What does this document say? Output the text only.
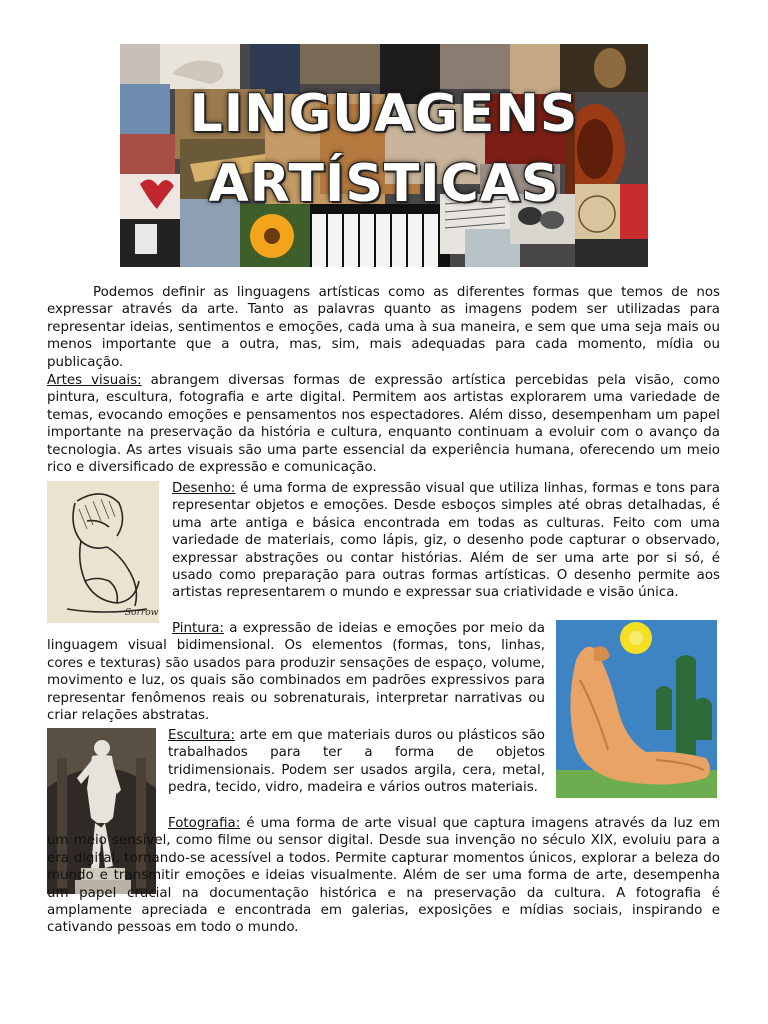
LINGUAGENS
ARTÍSTICAS

Podemos definir as linguagens artísticas como as diferentes formas que temos de nos expressar através da arte. Tanto as palavras quanto as imagens podem ser utilizadas para representar ideias, sentimentos e emoções, cada uma à sua maneira, e sem que uma seja mais ou menos importante que a outra, mas, sim, mais adequadas para cada momento, mídia ou publicação.

Artes visuais: abrangem diversas formas de expressão artística percebidas pela visão, como pintura, escultura, fotografia e arte digital. Permitem aos artistas explorarem uma variedade de temas, evocando emoções e pensamentos nos espectadores. Além disso, desempenham um papel importante na preservação da história e cultura, enquanto continuam a evoluir com o avanço da tecnologia. As artes visuais são uma parte essencial da experiência humana, oferecendo um meio rico e diversificado de expressão e comunicação.

Sorrow

Desenho: é uma forma de expressão visual que utiliza linhas, formas e tons para representar objetos e emoções. Desde esboços simples até obras detalhadas, é uma arte antiga e básica encontrada em todas as culturas. Feito com uma variedade de materiais, como lápis, giz, o desenho pode capturar o observado, expressar abstrações ou contar histórias. Além de ser uma arte por si só, é usado como preparação para outras formas artísticas. O desenho permite aos artistas representarem o mundo e expressar sua criatividade e visão única.

Pintura: a expressão de ideias e emoções por meio da linguagem visual bidimensional. Os elementos (formas, tons, linhas, cores e texturas) são usados para produzir sensações de espaço, volume, movimento e luz, os quais são combinados em padrões expressivos para representar fenômenos reais ou sobrenaturais, interpretar narrativas ou criar relações abstratas.

Escultura: arte em que materiais duros ou plásticos são trabalhados para ter a forma de objetos tridimensionais. Podem ser usados argila, cera, metal, pedra, tecido, vidro, madeira e vários outros materiais.

Fotografia: é uma forma de arte visual que captura imagens através da luz em um meio sensível, como filme ou sensor digital. Desde sua invenção no século XIX, evoluiu para a era digital, tornando-se acessível a todos. Permite capturar momentos únicos, explorar a beleza do mundo e transmitir emoções e ideias visualmente. Além de ser uma forma de arte, desempenha um papel crucial na documentação histórica e na preservação da cultura. A fotografia é amplamente apreciada e encontrada em galerias, exposições e mídias sociais, inspirando e cativando pessoas em todo o mundo.
